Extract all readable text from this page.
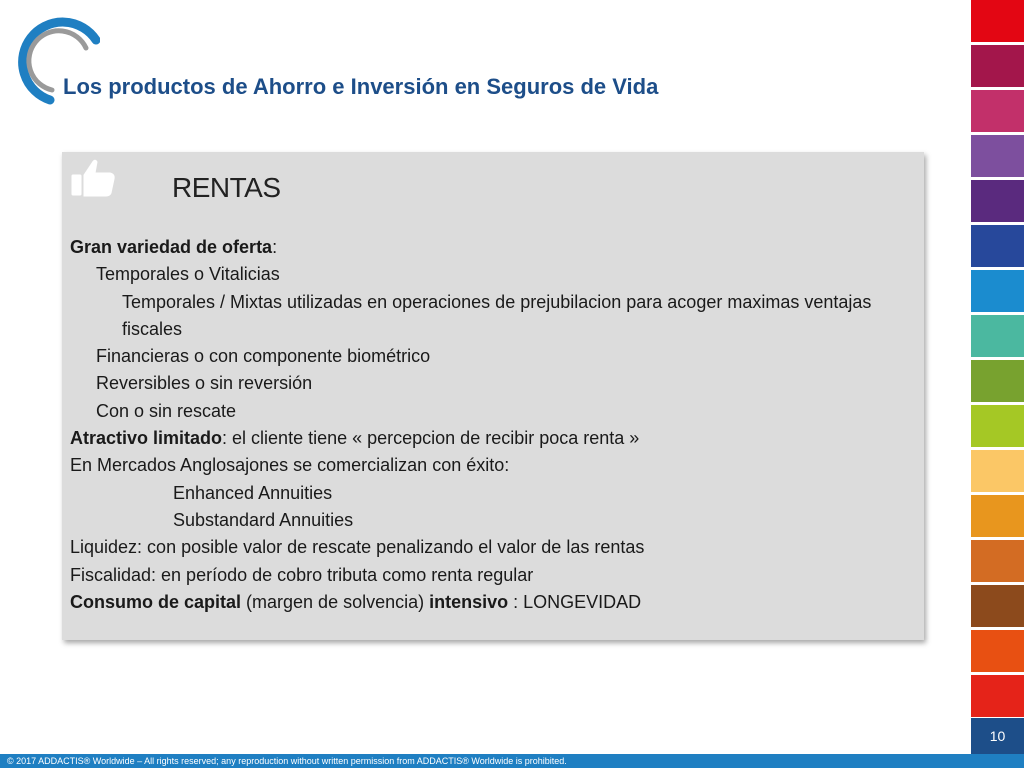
Los productos de Ahorro e Inversión en Seguros de Vida
10
© 2017 ADDACTIS® Worldwide – All rights reserved; any reproduction without written permission from ADDACTIS® Worldwide is prohibited.
RENTAS
Gran variedad de oferta:
Temporales o Vitalicias
Temporales / Mixtas utilizadas en operaciones de prejubilacion para acoger maximas ventajas fiscales
Financieras o con componente biométrico
Reversibles o sin reversión
Con o sin rescate
Atractivo limitado: el cliente tiene « percepcion de recibir poca renta »
En Mercados Anglosajones se comercializan con éxito:
Enhanced Annuities
Substandard Annuities
Liquidez: con posible valor de rescate penalizando el valor de las rentas
Fiscalidad: en período de cobro tributa como renta regular
Consumo de capital (margen de solvencia) intensivo : LONGEVIDAD
